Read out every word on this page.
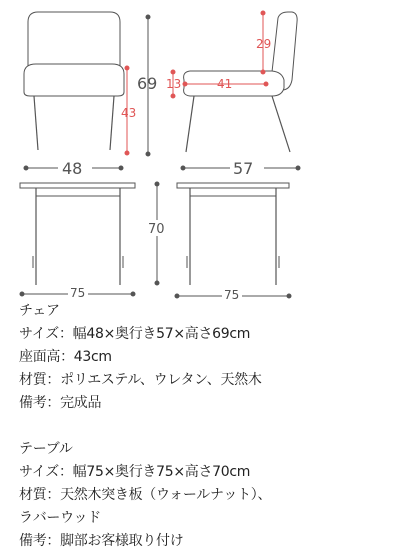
69
43
48
29
41
13
57
75
70
75
チェア
サイズ：幅48×奥行き57×高さ69cm
座面高：43cm
材質：ポリエステル、ウレタン、天然木
備考：完成品
テーブル
サイズ：幅75×奥行き75×高さ70cm
材質：天然木突き板（ウォールナット）、
ラバーウッド
備考：脚部お客様取り付け
